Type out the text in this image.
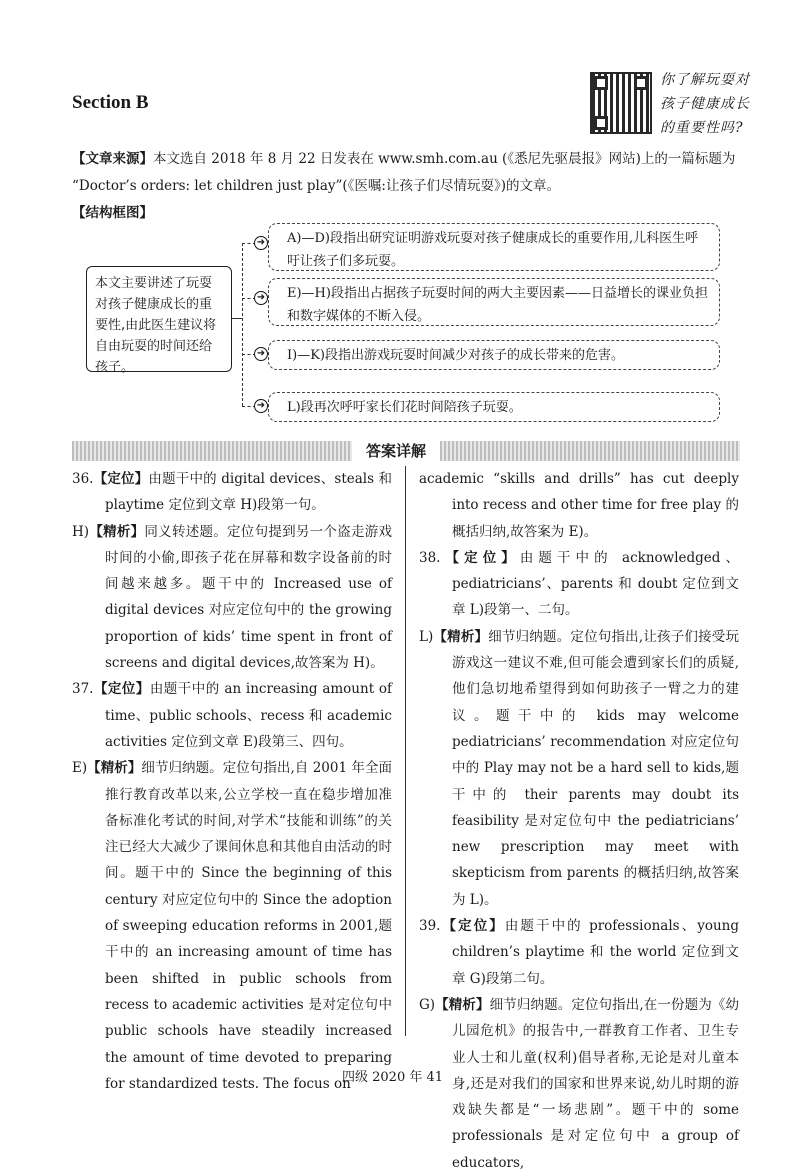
Section B
你了解玩耍对孩子健康成长的重要性吗?
【文章来源】本文选自 2018 年 8 月 22 日发表在 www.smh.com.au (《悉尼先驱晨报》网站)上的一篇标题为
“Doctor’s orders: let children just play”(《医嘱:让孩子们尽情玩耍》)的文章。
【结构框图】
本文主要讲述了玩耍对孩子健康成长的重要性,由此医生建议将自由玩耍的时间还给孩子。
➜	A)—D)段指出研究证明游戏玩耍对孩子健康成长的重要作用,儿科医生呼吁让孩子们多玩耍。
➜	E)—H)段指出占据孩子玩耍时间的两大主要因素——日益增长的课业负担和数字媒体的不断入侵。
➜	I)—K)段指出游戏玩耍时间减少对孩子的成长带来的危害。
➜	L)段再次呼吁家长们花时间陪孩子玩耍。
答案详解

36.【定位】由题干中的 digital devices、steals 和 playtime 定位到文章 H)段第一句。

H)【精析】同义转述题。定位句提到另一个盗走游戏时间的小偷,即孩子花在屏幕和数字设备前的时间越来越多。题干中的 Increased use of digital devices 对应定位句中的 the growing proportion of kids’ time spent in front of screens and digital devices,故答案为 H)。

37.【定位】由题干中的 an increasing amount of time、public schools、recess 和 academic activities 定位到文章 E)段第三、四句。

E)【精析】细节归纳题。定位句指出,自 2001 年全面推行教育改革以来,公立学校一直在稳步增加准备标准化考试的时间,对学术“技能和训练”的关注已经大大减少了课间休息和其他自由活动的时间。题干中的 Since the beginning of this century 对应定位句中的 Since the adoption of sweeping education reforms in 2001,题干中的 an increasing amount of time has been shifted in public schools from recess to academic activities 是对定位句中 public schools have steadily increased the amount of time devoted to preparing for standardized tests. The focus on

academic “skills and drills” has cut deeply into recess and other time for free play 的概括归纳,故答案为 E)。

38.【定位】由题干中的 acknowledged、pediatricians’、parents 和 doubt 定位到文章 L)段第一、二句。

L)【精析】细节归纳题。定位句指出,让孩子们接受玩游戏这一建议不难,但可能会遭到家长们的质疑,他们急切地希望得到如何助孩子一臂之力的建议。题干中的 kids may welcome pediatricians’ recommendation 对应定位句中的 Play may not be a hard sell to kids,题干中的 their parents may doubt its feasibility 是对定位句中 the pediatricians’ new prescription may meet with skepticism from parents 的概括归纳,故答案为 L)。

39.【定位】由题干中的 professionals、young children’s playtime 和 the world 定位到文章 G)段第二句。

G)【精析】细节归纳题。定位句指出,在一份题为《幼儿园危机》的报告中,一群教育工作者、卫生专业人士和儿童(权利)倡导者称,无论是对儿童本身,还是对我们的国家和世界来说,幼儿时期的游戏缺失都是“一场悲剧”。题干中的 some professionals 是对定位句中 a group of educators,

四级 2020 年 41
